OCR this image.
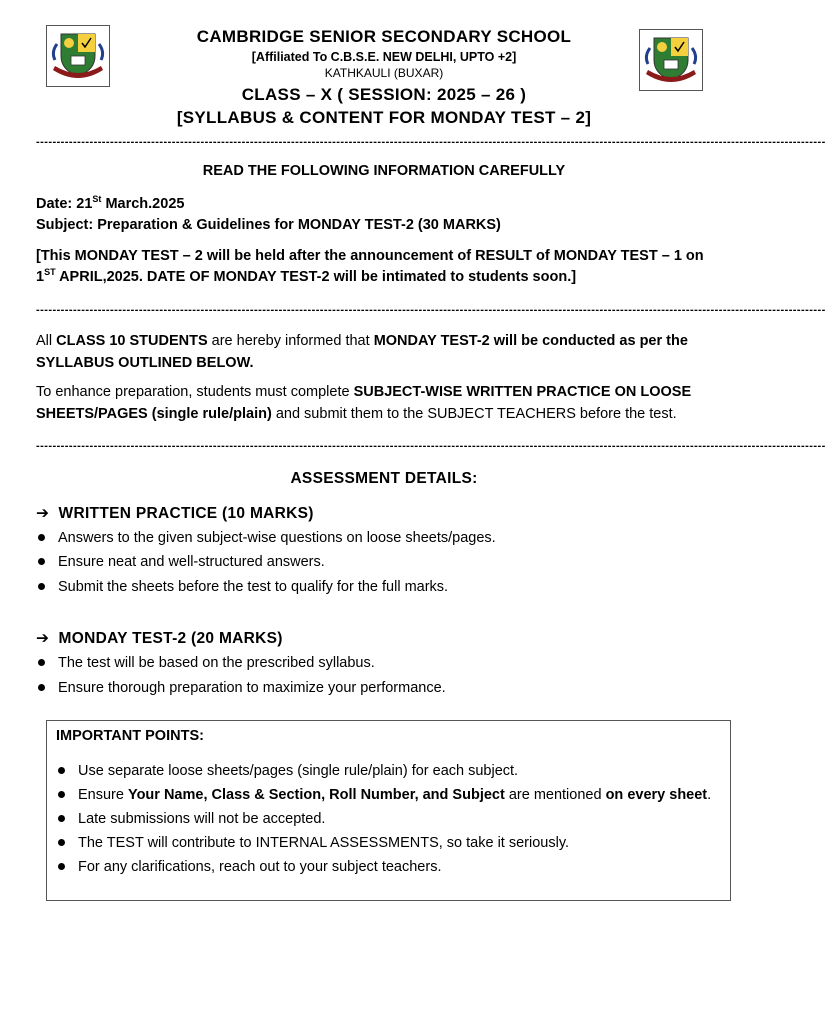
CAMBRIDGE SENIOR SECONDARY SCHOOL
[Affiliated To C.B.S.E. NEW DELHI, UPTO +2]
KATHKAULI (BUXAR)
CLASS – X ( SESSION: 2025 – 26 )
[SYLLABUS & CONTENT FOR MONDAY TEST – 2]
------------------------------------------------------------------------------------------------------------------------------------------------------------------------------------------------
READ THE FOLLOWING INFORMATION CAREFULLY
Date: 21St March.2025
Subject: Preparation & Guidelines for MONDAY TEST-2 (30 MARKS)
[This MONDAY TEST – 2 will be held after the announcement of RESULT of MONDAY TEST – 1 on
1ST APRIL,2025. DATE OF MONDAY TEST-2 will be intimated to students soon.]
------------------------------------------------------------------------------------------------------------------------------------------------------------------------------------------------
All CLASS 10 STUDENTS are hereby informed that MONDAY TEST-2 will be conducted as per the
SYLLABUS OUTLINED BELOW.
To enhance preparation, students must complete SUBJECT-WISE WRITTEN PRACTICE ON LOOSE
SHEETS/PAGES (single rule/plain) and submit them to the SUBJECT TEACHERS before the test.
------------------------------------------------------------------------------------------------------------------------------------------------------------------------------------------------
ASSESSMENT DETAILS:
➔ WRITTEN PRACTICE (10 MARKS)
Answers to the given subject-wise questions on loose sheets/pages.
Ensure neat and well-structured answers.
Submit the sheets before the test to qualify for the full marks.
➔ MONDAY TEST-2 (20 MARKS)
The test will be based on the prescribed syllabus.
Ensure thorough preparation to maximize your performance.
IMPORTANT POINTS:
Use separate loose sheets/pages (single rule/plain) for each subject.
Ensure Your Name, Class & Section, Roll Number, and Subject are mentioned on every sheet.
Late submissions will not be accepted.
The TEST will contribute to INTERNAL ASSESSMENTS, so take it seriously.
For any clarifications, reach out to your subject teachers.
